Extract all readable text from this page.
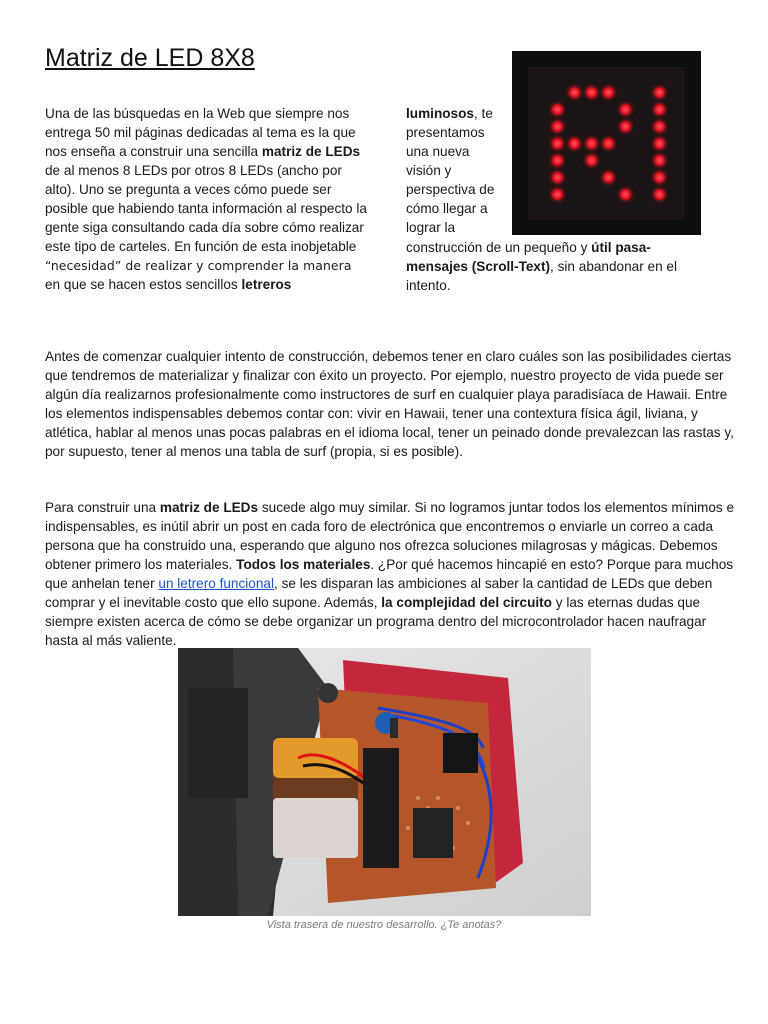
Matriz de LED 8X8

Una de las búsquedas en la Web que siempre nos entrega 50 mil páginas dedicadas al tema es la que nos enseña a construir una sencilla matriz de LEDs de al menos 8 LEDs por otros 8 LEDs (ancho por alto). Uno se pregunta a veces cómo puede ser posible que habiendo tanta información al respecto la gente siga consultando cada día sobre cómo realizar este tipo de carteles. En función de esta inobjetable “necesidad” de realizar y comprender la manera en que se hacen estos sencillos letreros

luminosos, te presentamos una nueva visión y perspectiva de cómo llegar a lograr la

construcción de un pequeño y útil pasa-mensajes (Scroll-Text), sin abandonar en el intento.

Antes de comenzar cualquier intento de construcción, debemos tener en claro cuáles son las posibilidades ciertas que tendremos de materializar y finalizar con éxito un proyecto. Por ejemplo, nuestro proyecto de vida puede ser algún día realizarnos profesionalmente como instructores de surf en cualquier playa paradisíaca de Hawaii. Entre los elementos indispensables debemos contar con: vivir en Hawaii, tener una contextura física ágil, liviana, y atlética, hablar al menos unas pocas palabras en el idioma local, tener un peinado donde prevalezcan las rastas y, por supuesto, tener al menos una tabla de surf (propia, si es posible).

Para construir una matriz de LEDs sucede algo muy similar. Si no logramos juntar todos los elementos mínimos e indispensables, es inútil abrir un post en cada foro de electrónica que encontremos o enviarle un correo a cada persona que ha construido una, esperando que alguno nos ofrezca soluciones milagrosas y mágicas. Debemos obtener primero los materiales. Todos los materiales. ¿Por qué hacemos hincapié en esto? Porque para muchos que anhelan tener un letrero funcional, se les disparan las ambiciones al saber la cantidad de LEDs que deben comprar y el inevitable costo que ello supone. Además, la complejidad del circuito y las eternas dudas que siempre existen acerca de cómo se debe organizar un programa dentro del microcontrolador hacen naufragar hasta al más valiente.

Vista trasera de nuestro desarrollo. ¿Te anotas?
